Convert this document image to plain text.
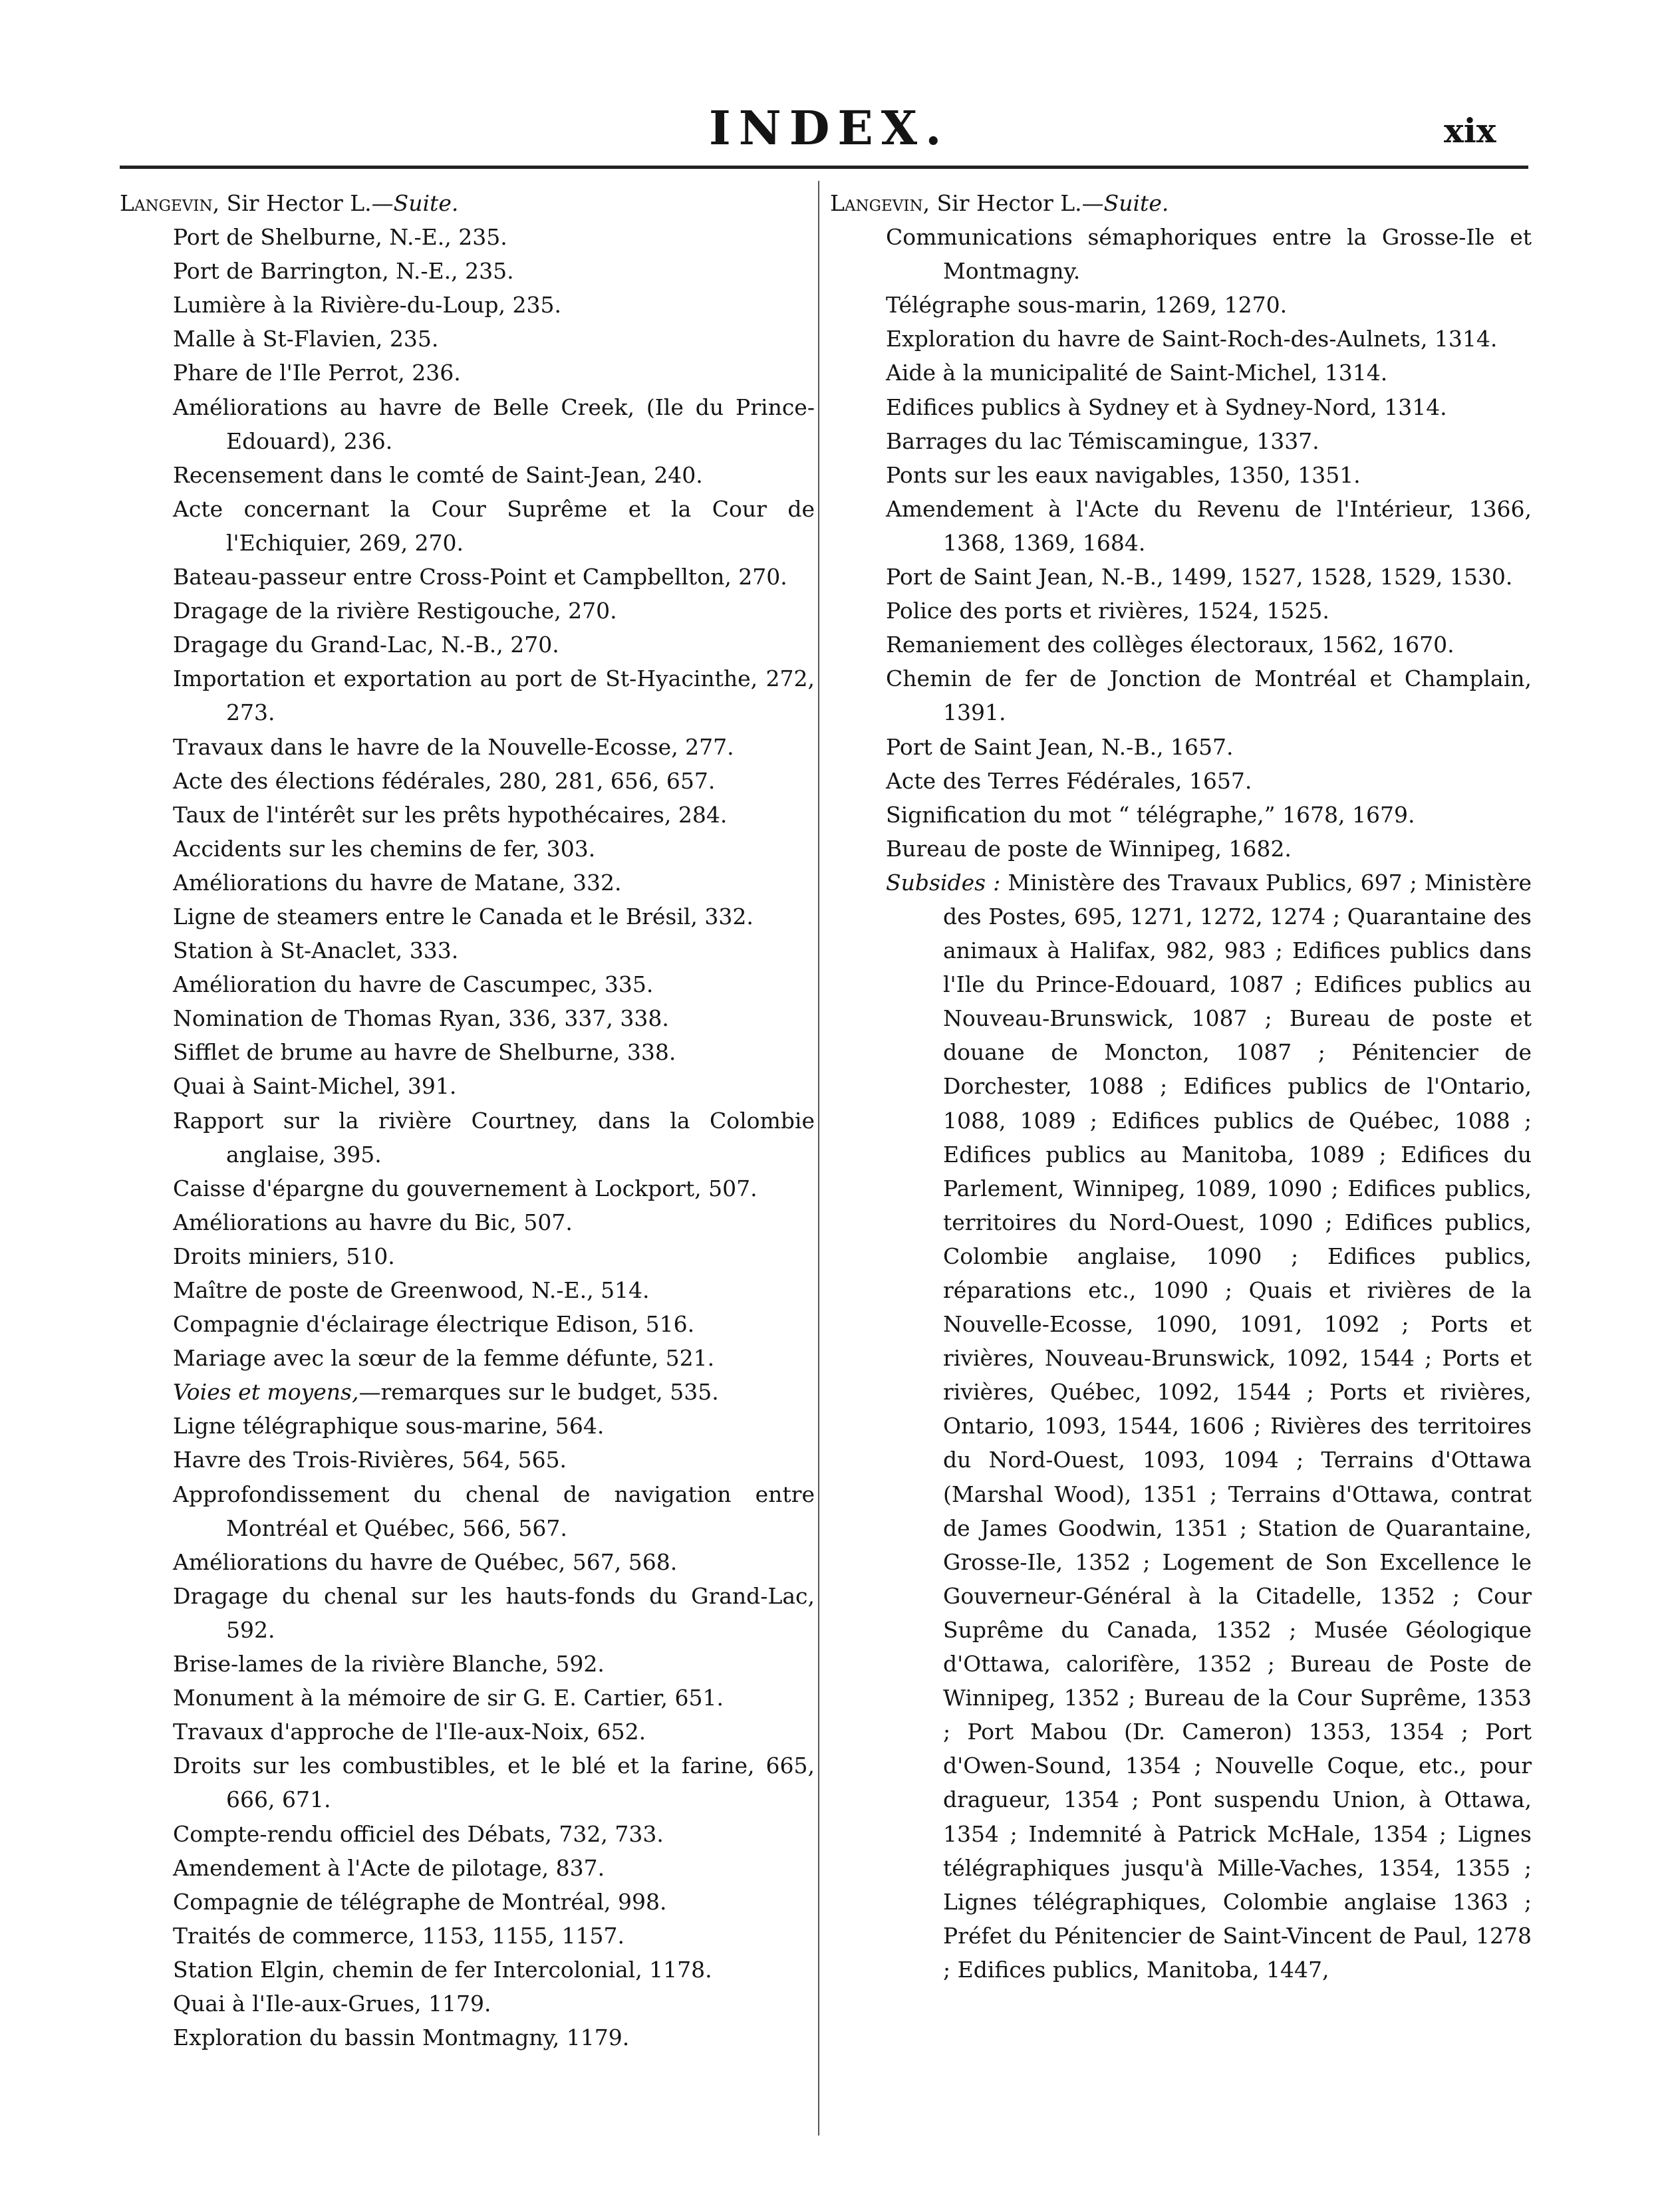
INDEX.	xix
Langevin, Sir Hector L.—Suite.
Port de Shelburne, N.-E., 235.
Port de Barrington, N.-E., 235.
Lumière à la Rivière-du-Loup, 235.
Malle à St-Flavien, 235.
Phare de l'Ile Perrot, 236.
Améliorations au havre de Belle Creek, (Ile du Prince-Edouard), 236.
Recensement dans le comté de Saint-Jean, 240.
Acte concernant la Cour Suprême et la Cour de l'Echiquier, 269, 270.
Bateau-passeur entre Cross-Point et Campbellton, 270.
Dragage de la rivière Restigouche, 270.
Dragage du Grand-Lac, N.-B., 270.
Importation et exportation au port de St-Hyacinthe, 272, 273.
Travaux dans le havre de la Nouvelle-Ecosse, 277.
Acte des élections fédérales, 280, 281, 656, 657.
Taux de l'intérêt sur les prêts hypothécaires, 284.
Accidents sur les chemins de fer, 303.
Améliorations du havre de Matane, 332.
Ligne de steamers entre le Canada et le Brésil, 332.
Station à St-Anaclet, 333.
Amélioration du havre de Cascumpec, 335.
Nomination de Thomas Ryan, 336, 337, 338.
Sifflet de brume au havre de Shelburne, 338.
Quai à Saint-Michel, 391.
Rapport sur la rivière Courtney, dans la Colombie anglaise, 395.
Caisse d'épargne du gouvernement à Lockport, 507.
Améliorations au havre du Bic, 507.
Droits miniers, 510.
Maître de poste de Greenwood, N.-E., 514.
Compagnie d'éclairage électrique Edison, 516.
Mariage avec la sœur de la femme défunte, 521.
Voies et moyens,—remarques sur le budget, 535.
Ligne télégraphique sous-marine, 564.
Havre des Trois-Rivières, 564, 565.
Approfondissement du chenal de navigation entre Montréal et Québec, 566, 567.
Améliorations du havre de Québec, 567, 568.
Dragage du chenal sur les hauts-fonds du Grand-Lac, 592.
Brise-lames de la rivière Blanche, 592.
Monument à la mémoire de sir G. E. Cartier, 651.
Travaux d'approche de l'Ile-aux-Noix, 652.
Droits sur les combustibles, et le blé et la farine, 665, 666, 671.
Compte-rendu officiel des Débats, 732, 733.
Amendement à l'Acte de pilotage, 837.
Compagnie de télégraphe de Montréal, 998.
Traités de commerce, 1153, 1155, 1157.
Station Elgin, chemin de fer Intercolonial, 1178.
Quai à l'Ile-aux-Grues, 1179.
Exploration du bassin Montmagny, 1179.
Langevin, Sir Hector L.—Suite.
Communications sémaphoriques entre la Grosse-Ile et Montmagny.
Télégraphe sous-marin, 1269, 1270.
Exploration du havre de Saint-Roch-des-Aulnets, 1314.
Aide à la municipalité de Saint-Michel, 1314.
Edifices publics à Sydney et à Sydney-Nord, 1314.
Barrages du lac Témiscamingue, 1337.
Ponts sur les eaux navigables, 1350, 1351.
Amendement à l'Acte du Revenu de l'Intérieur, 1366, 1368, 1369, 1684.
Port de Saint Jean, N.-B., 1499, 1527, 1528, 1529, 1530.
Police des ports et rivières, 1524, 1525.
Remaniement des collèges électoraux, 1562, 1670.
Chemin de fer de Jonction de Montréal et Champlain, 1391.
Port de Saint Jean, N.-B., 1657.
Acte des Terres Fédérales, 1657.
Signification du mot “ télégraphe,” 1678, 1679.
Bureau de poste de Winnipeg, 1682.
Subsides : Ministère des Travaux Publics, 697 ; Ministère des Postes, 695, 1271, 1272, 1274 ; Quarantaine des animaux à Halifax, 982, 983 ; Edifices publics dans l'Ile du Prince-Edouard, 1087 ; Edifices publics au Nouveau-Brunswick, 1087 ; Bureau de poste et douane de Moncton, 1087 ; Pénitencier de Dorchester, 1088 ; Edifices publics de l'Ontario, 1088, 1089 ; Edifices publics de Québec, 1088 ; Edifices publics au Manitoba, 1089 ; Edifices du Parlement, Winnipeg, 1089, 1090 ; Edifices publics, territoires du Nord-Ouest, 1090 ; Edifices publics, Colombie anglaise, 1090 ; Edifices publics, réparations etc., 1090 ; Quais et rivières de la Nouvelle-Ecosse, 1090, 1091, 1092 ; Ports et rivières, Nouveau-Brunswick, 1092, 1544 ; Ports et rivières, Québec, 1092, 1544 ; Ports et rivières, Ontario, 1093, 1544, 1606 ; Rivières des territoires du Nord-Ouest, 1093, 1094 ; Terrains d'Ottawa (Marshal Wood), 1351 ; Terrains d'Ottawa, contrat de James Goodwin, 1351 ; Station de Quarantaine, Grosse-Ile, 1352 ; Logement de Son Excellence le Gouverneur-Général à la Citadelle, 1352 ; Cour Suprême du Canada, 1352 ; Musée Géologique d'Ottawa, calorifère, 1352 ; Bureau de Poste de Winnipeg, 1352 ; Bureau de la Cour Suprême, 1353 ; Port Mabou (Dr. Cameron) 1353, 1354 ; Port d'Owen-Sound, 1354 ; Nouvelle Coque, etc., pour dragueur, 1354 ; Pont suspendu Union, à Ottawa, 1354 ; Indemnité à Patrick McHale, 1354 ; Lignes télégraphiques jusqu'à Mille-Vaches, 1354, 1355 ; Lignes télégraphiques, Colombie anglaise 1363 ; Préfet du Pénitencier de Saint-Vincent de Paul, 1278 ; Edifices publics, Manitoba, 1447,
